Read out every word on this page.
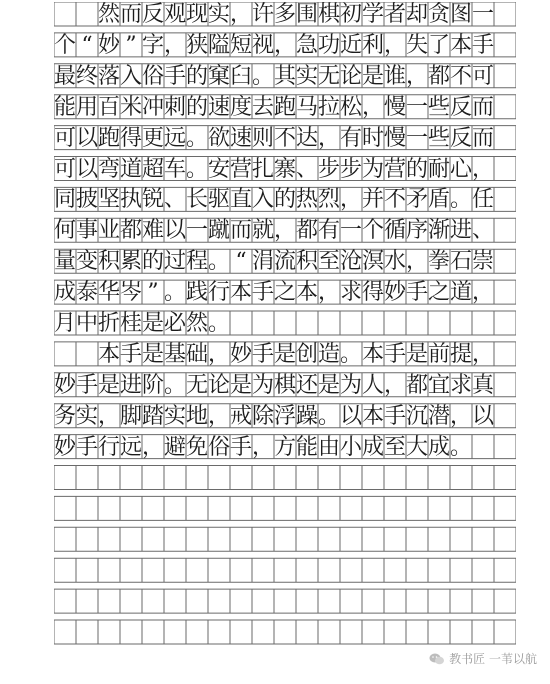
然而反观现实，许多围棋初学者却贪图一
个 “ 妙 ” 字，狭隘短视，急功近利，失了本手
最终落入俗手的窠臼。其实无论是谁，都不可
能用百米冲刺的速度去跑马拉松，慢一些反而
可以跑得更远。欲速则不达，有时慢一些反而
可以弯道超车。安营扎寨、步步为营的耐心，
同披坚执锐、长驱直入的热烈，并不矛盾。任
何事业都难以一蹴而就，都有一个循序渐进、
量变积累的过程。 “ 涓流积至沧溟水，拳石崇
成泰华岑 ” 。践行本手之本，求得妙手之道，
月中折桂是必然。
本手是基础，妙手是创造。本手是前提，
妙手是进阶。无论是为棋还是为人，都宜求真
务实，脚踏实地，戒除浮躁。以本手沉潜，以
妙手行远，避免俗手，方能由小成至大成。
教书匠 一苇以航
